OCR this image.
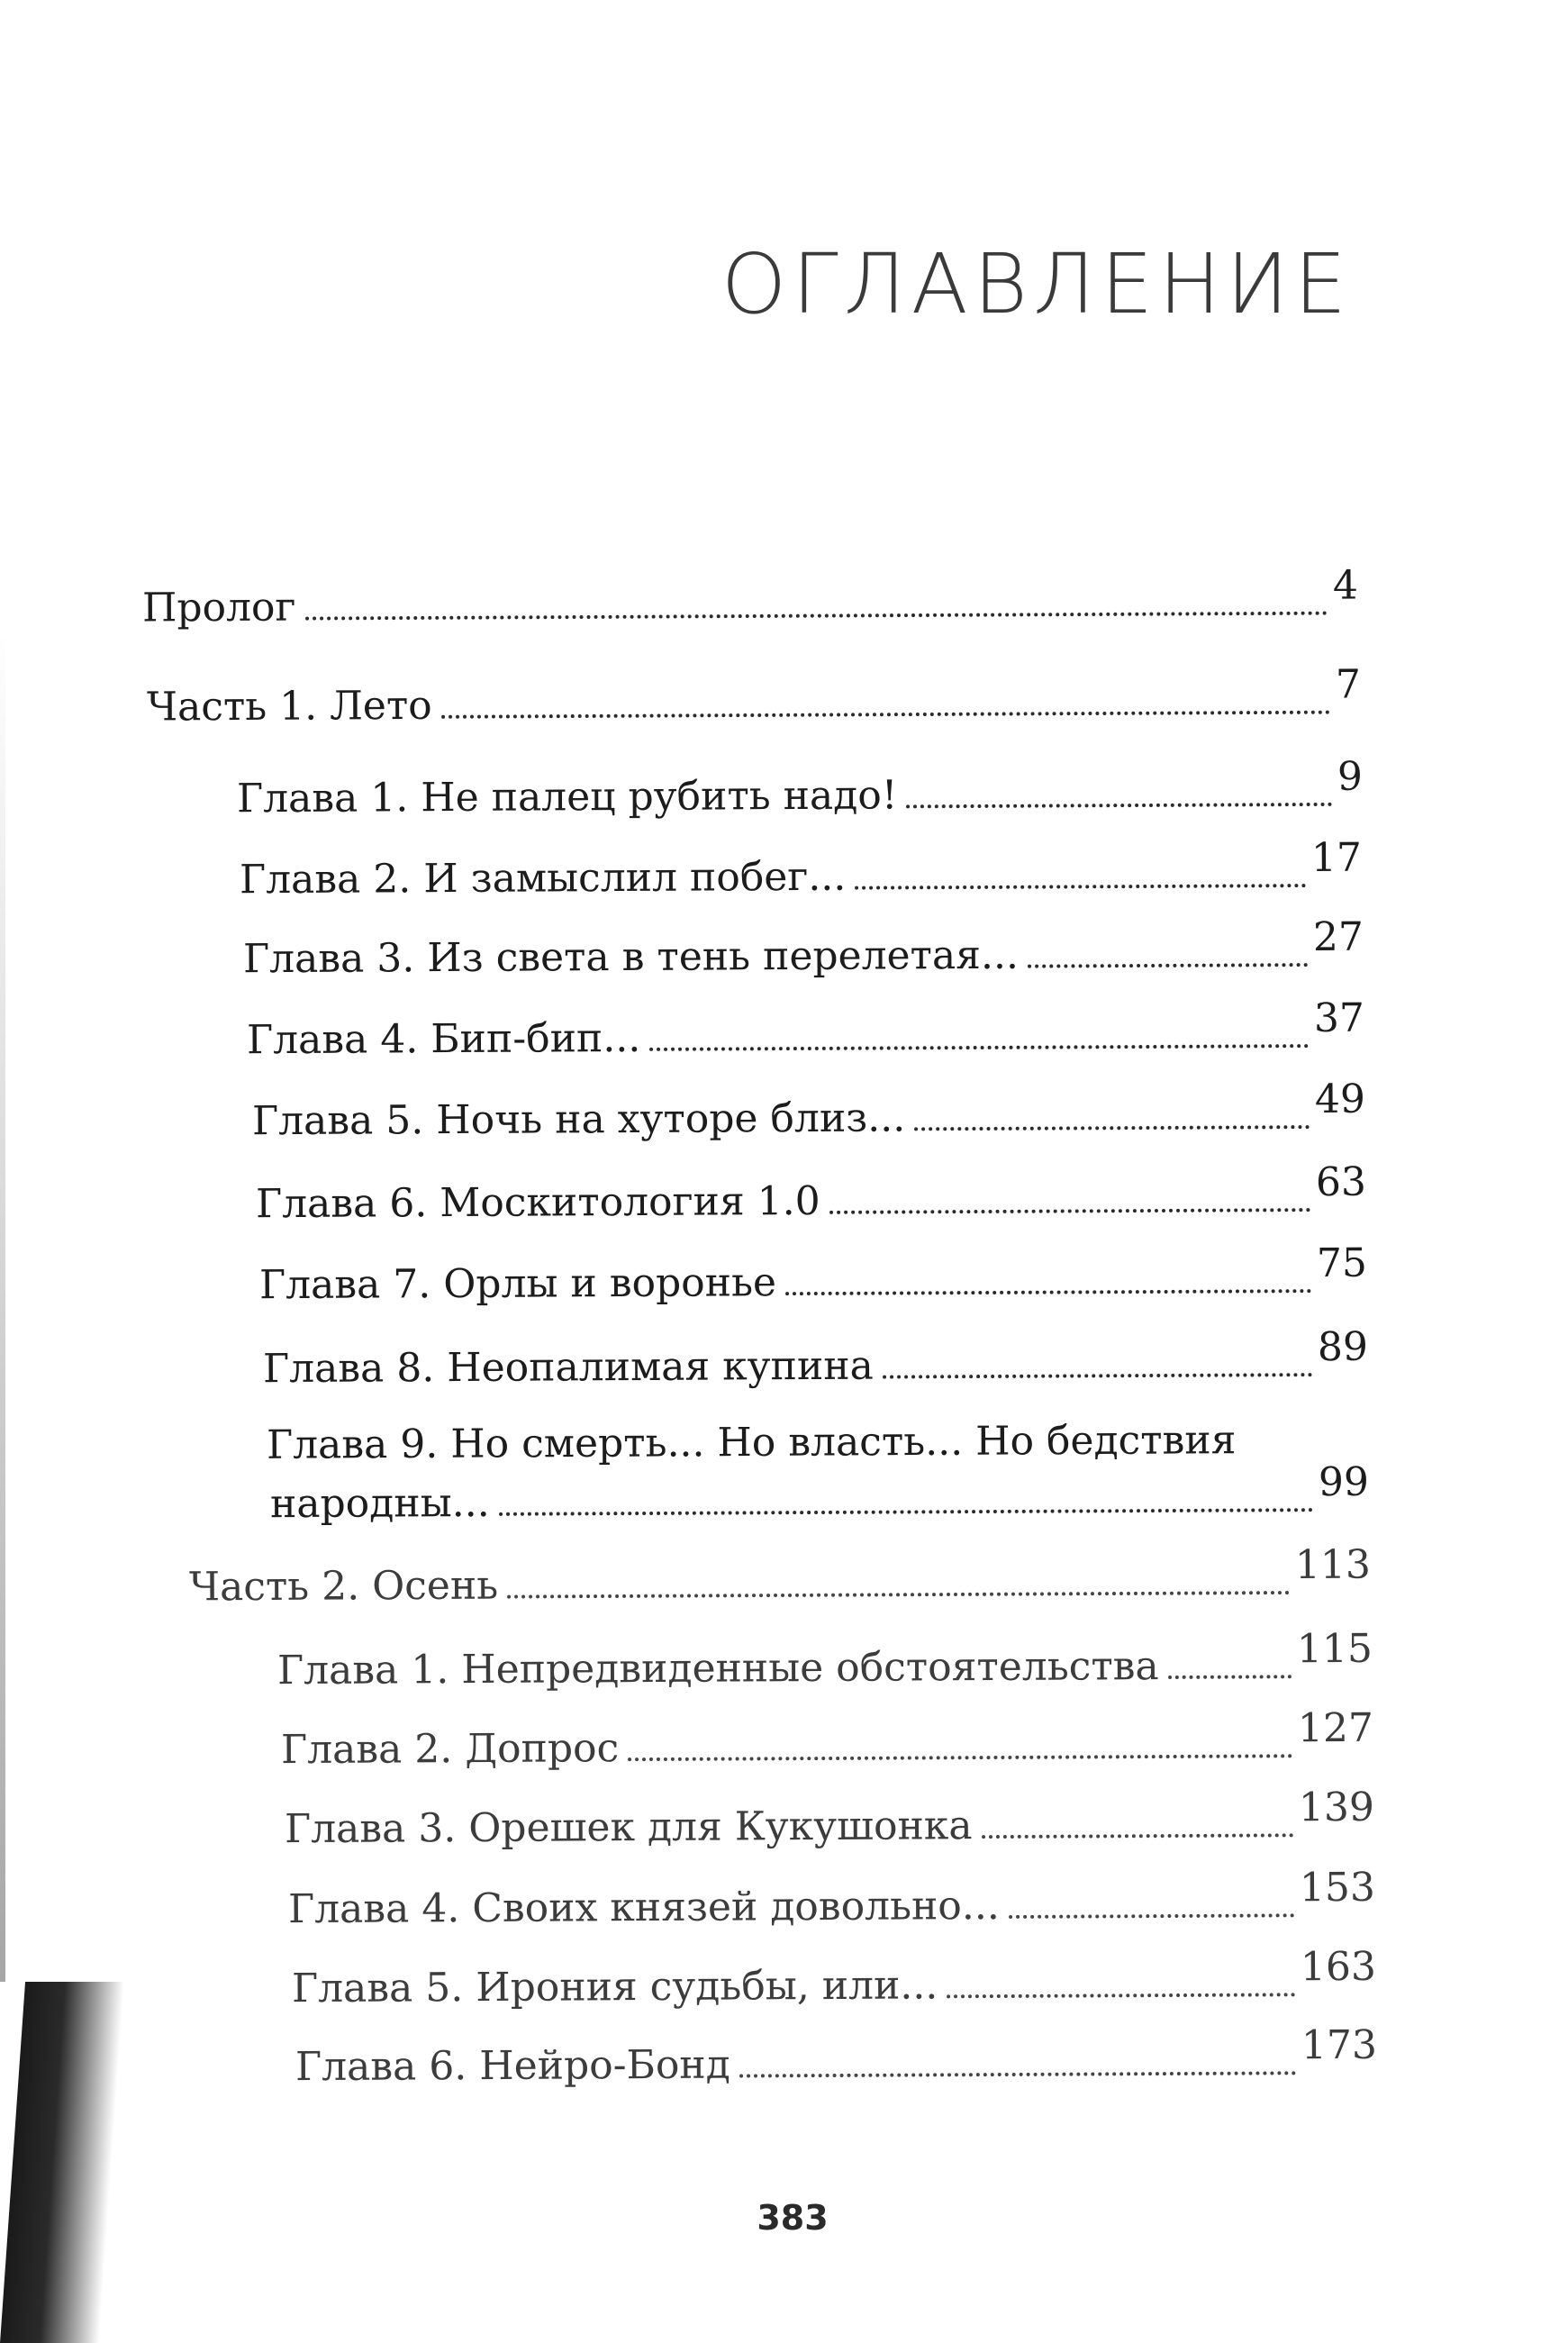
ОГЛАВЛЕНИЕ
Пролог	4
Часть 1. Лето	7
Глава 1. Не палец рубить надо!	9
Глава 2. И замыслил побег...	17
Глава 3. Из света в тень перелетая...	27
Глава 4. Бип-бип...	37
Глава 5. Ночь на хуторе близ...	49
Глава 6. Москитология 1.0	63
Глава 7. Орлы и воронье	75
Глава 8. Неопалимая купина	89
Глава 9. Но смерть... Но власть... Но бедствия
народны...	99
Часть 2. Осень	113
Глава 1. Непредвиденные обстоятельства	115
Глава 2. Допрос	127
Глава 3. Орешек для Кукушонка	139
Глава 4. Своих князей довольно...	153
Глава 5. Ирония судьбы, или...	163
Глава 6. Нейро-Бонд	173
383
